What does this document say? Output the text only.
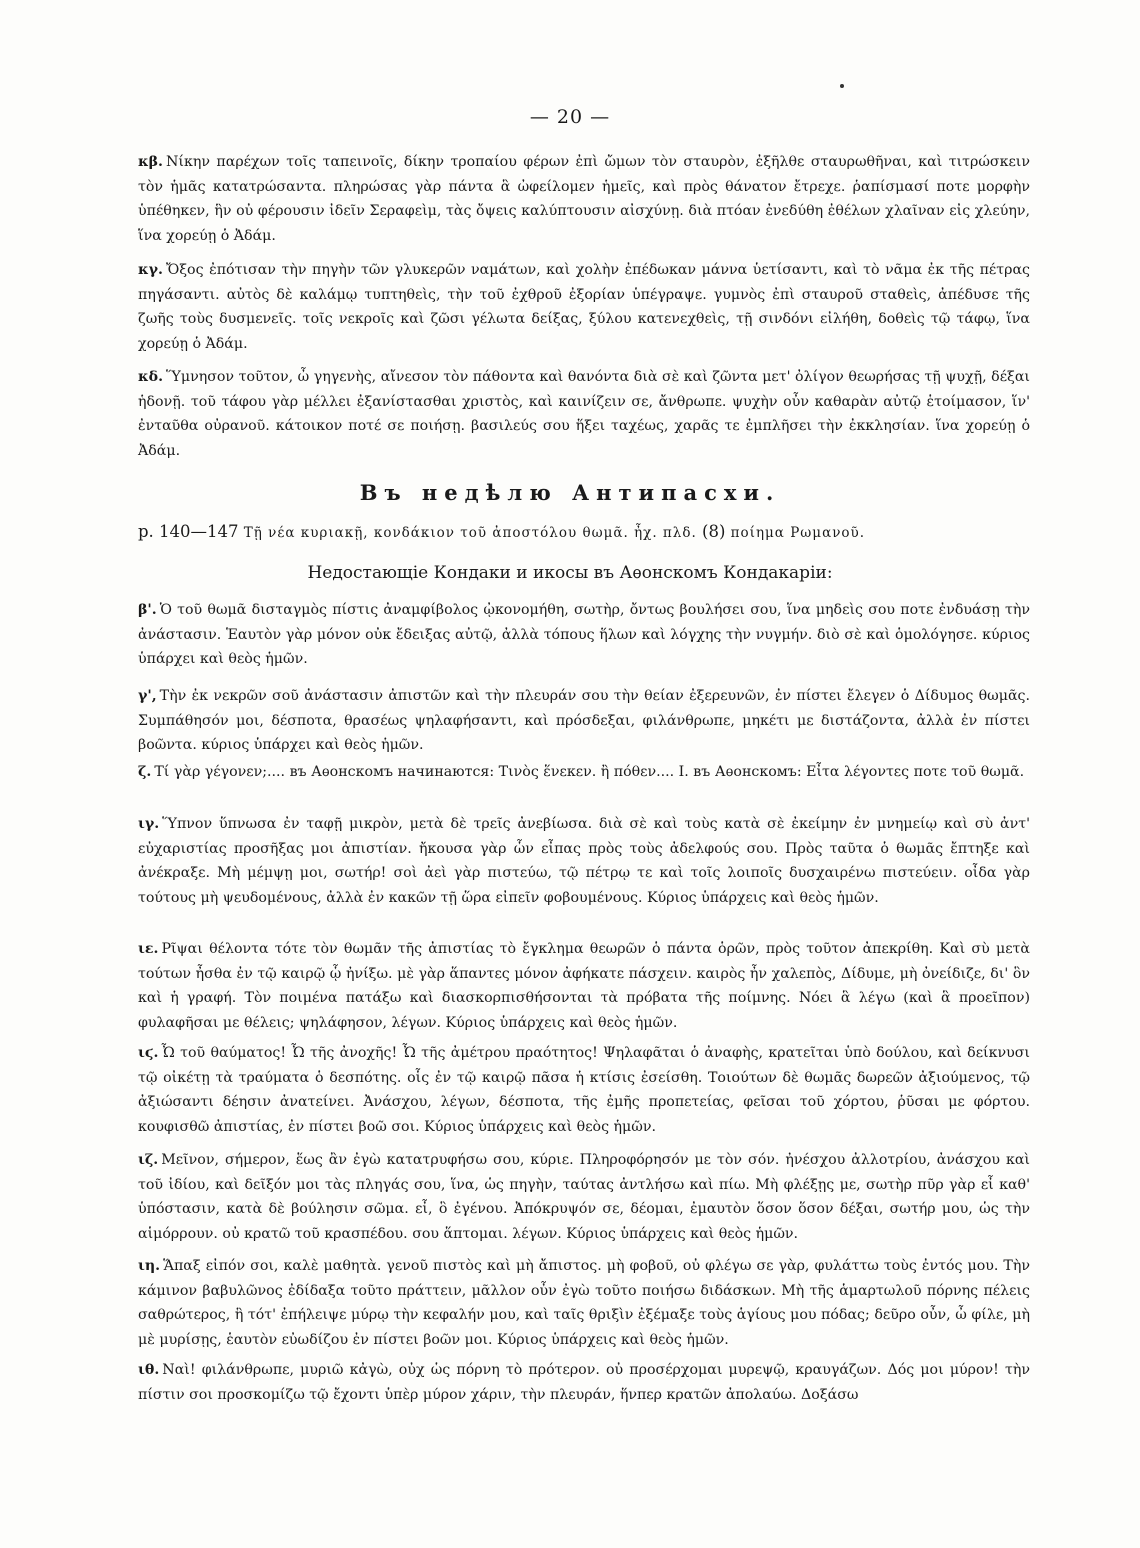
— 20 —

κβ. Νίκην παρέχων τοῖς ταπεινοῖς, δίκην τροπαίου φέρων ἐπὶ ὤμων τὸν σταυρὸν, ἐξῆλθε σταυρωθῆναι, καὶ τιτρώσκειν τὸν ἡμᾶς κατατρώσαντα. πληρώσας γὰρ πάντα ἃ ὠφείλομεν ἡμεῖς, καὶ πρὸς θάνατον ἔτρεχε. ῥαπίσμασί ποτε μορφὴν ὑπέθηκεν, ἣν οὐ φέρουσιν ἰδεῖν Σεραφεὶμ, τὰς ὄψεις καλύπτουσιν αἰσχύνῃ. διὰ πτόαν ἐνεδύθη ἐθέλων χλαῖναν εἰς χλεύην, ἵνα χορεύῃ ὁ Ἀδάμ.

κγ. Ὄξος ἐπότισαν τὴν πηγὴν τῶν γλυκερῶν ναμάτων, καὶ χολὴν ἐπέδωκαν μάννα ὑετίσαντι, καὶ τὸ νᾶμα ἐκ τῆς πέτρας πηγάσαντι. αὐτὸς δὲ καλάμῳ τυπτηθεὶς, τὴν τοῦ ἐχθροῦ ἐξορίαν ὑπέγραψε. γυμνὸς ἐπὶ σταυροῦ σταθεὶς, ἀπέδυσε τῆς ζωῆς τοὺς δυσμενεῖς. τοῖς νεκροῖς καὶ ζῶσι γέλωτα δείξας, ξύλου κατενεχθεὶς, τῇ σινδόνι εἰλήθη, δοθεὶς τῷ τάφῳ, ἵνα χορεύῃ ὁ Ἀδάμ.

κδ. Ὕμνησον τοῦτον, ὦ γηγενὴς, αἴνεσον τὸν πάθοντα καὶ θανόντα διὰ σὲ καὶ ζῶντα μετ' ὀλίγον θεωρήσας τῇ ψυχῇ, δέξαι ἡδονῇ. τοῦ τάφου γὰρ μέλλει ἐξανίστασθαι χριστὸς, καὶ καινίζειν σε, ἄνθρωπε. ψυχὴν οὖν καθαρὰν αὐτῷ ἑτοίμασον, ἵν' ἐνταῦθα οὐρανοῦ. κάτοικον ποτέ σε ποιήσῃ. βασιλεύς σου ἥξει ταχέως, χαρᾶς τε ἐμπλῆσει τὴν ἐκκλησίαν. ἵνα χορεύῃ ὁ Ἀδάμ.

Въ недѣлю Антипасхи.
р. 140—147 Τῇ νέα κυριακῇ, κονδάκιον τοῦ ἀποστόλου θωμᾶ. ἦχ. πλδ. (8) ποίημα Ρωμανοῦ.
Недостающіе Кондаки и икосы въ Аѳонскомъ Кондакаріи:

β'. Ὁ τοῦ θωμᾶ δισταγμὸς πίστις ἀναμφίβολος ᾠκονομήθη, σωτὴρ, ὄντως βουλήσει σου, ἵνα μηδεὶς σου ποτε ἐνδυάσῃ τὴν ἀνάστασιν. Ἑαυτὸν γὰρ μόνον οὐκ ἔδειξας αὐτῷ, ἀλλὰ τόπους ἥλων καὶ λόγχης τὴν νυγμήν. διὸ σὲ καὶ ὁμολόγησε. κύριος ὑπάρχει καὶ θεὸς ἡμῶν.

γ', Τὴν ἐκ νεκρῶν σοῦ ἀνάστασιν ἀπιστῶν καὶ τὴν πλευράν σου τὴν θείαν ἐξερευνῶν, ἐν πίστει ἔλεγεν ὁ Δίδυμος θωμᾶς. Συμπάθησόν μοι, δέσποτα, θρασέως ψηλαφήσαντι, καὶ πρόσδεξαι, φιλάνθρωπε, μηκέτι με διστάζοντα, ἀλλὰ ἐν πίστει βοῶντα. κύριος ὑπάρχει καὶ θεὸς ἡμῶν.

ζ. Τί γὰρ γέγονεν;.... въ Аѳонскомъ начинаются: Τινὸς ἕνεκεν. ἢ πόθεν.... Ι. въ Аѳонскомъ: Εἶτα λέγοντες ποτε τοῦ θωμᾶ.

ιγ. Ὕπνον ὕπνωσα ἐν ταφῇ μικρὸν, μετὰ δὲ τρεῖς ἀνεβίωσα. διὰ σὲ καὶ τοὺς κατὰ σὲ ἐκείμην ἐν μνημείῳ καὶ σὺ ἀντ' εὐχαριστίας προσῆξας μοι ἀπιστίαν. ἤκουσα γὰρ ὧν εἶπας πρὸς τοὺς ἀδελφούς σου. Πρὸς ταῦτα ὁ θωμᾶς ἔπτηξε καὶ ἀνέκραξε. Μὴ μέμψῃ μοι, σωτήρ! σοὶ ἀεὶ γὰρ πιστεύω, τῷ πέτρῳ τε καὶ τοῖς λοιποῖς δυσχαιρένω πιστεύειν. οἶδα γὰρ τούτους μὴ ψευδομένους, ἀλλὰ ἐν κακῶν τῇ ὥρα εἰπεῖν φοβουμένους. Κύριος ὑπάρχεις καὶ θεὸς ἡμῶν.

ιε. Ρῖψαι θέλοντα τότε τὸν θωμᾶν τῆς ἀπιστίας τὸ ἔγκλημα θεωρῶν ὁ πάντα ὁρῶν, πρὸς τοῦτον ἀπεκρίθη. Καὶ σὺ μετὰ τούτων ἦσθα ἐν τῷ καιρῷ ᾧ ἠνίξω. μὲ γὰρ ἅπαντες μόνον ἀφήκατε πάσχειν. καιρὸς ἦν χαλεπὸς, Δίδυμε, μὴ ὀνείδιζε, δι' ὃν καὶ ἡ γραφή. Τὸν ποιμένα πατάξω καὶ διασκορπισθήσονται τὰ πρόβατα τῆς ποίμνης. Νόει ἃ λέγω (καὶ ἃ προεῖπον) φυλαφῆσαι με θέλεις; ψηλάφησον, λέγων. Κύριος ὑπάρχεις καὶ θεὸς ἡμῶν.

ιϛ. Ὦ τοῦ θαύματος! Ὦ τῆς ἀνοχῆς! Ὦ τῆς ἀμέτρου πραότητος! Ψηλαφᾶται ὁ ἀναφὴς, κρατεῖται ὑπὸ δούλου, καὶ δείκνυσι τῷ οἰκέτῃ τὰ τραύματα ὁ δεσπότης. οἷς ἐν τῷ καιρῷ πᾶσα ἡ κτίσις ἐσείσθη. Τοιούτων δὲ θωμᾶς δωρεῶν ἀξιούμενος, τῷ ἀξιώσαντι δέησιν ἀνατείνει. Ἀνάσχου, λέγων, δέσποτα, τῆς ἐμῆς προπετείας, φεῖσαι τοῦ χόρτου, ῥῦσαι με φόρτου. κουφισθῶ ἀπιστίας, ἐν πίστει βοῶ σοι. Κύριος ὑπάρχεις καὶ θεὸς ἡμῶν.

ιζ. Μεῖνον, σήμερον, ἕως ἂν ἐγὼ κατατρυφήσω σου, κύριε. Πληροφόρησόν με τὸν σόν. ἠνέσχου ἀλλοτρίου, ἀνάσχου καὶ τοῦ ἰδίου, καὶ δεῖξόν μοι τὰς πληγάς σου, ἵνα, ὡς πηγὴν, ταύτας ἀντλήσω καὶ πίω. Μὴ φλέξῃς με, σωτὴρ πῦρ γὰρ εἶ καθ' ὑπόστασιν, κατὰ δὲ βούλησιν σῶμα. εἶ, ὃ ἐγένου. Ἀπόκρυψόν σε, δέομαι, ἐμαυτὸν ὅσον ὅσον δέξαι, σωτήρ μου, ὡς τὴν αἱμόρρουν. οὐ κρατῶ τοῦ κρασπέδου. σου ἅπτομαι. λέγων. Κύριος ὑπάρχεις καὶ θεὸς ἡμῶν.

ιη. Ἅπαξ εἰπόν σοι, καλὲ μαθητὰ. γενοῦ πιστὸς καὶ μὴ ἄπιστος. μὴ φοβοῦ, οὐ φλέγω σε γὰρ, φυλάττω τοὺς ἐντός μου. Τὴν κάμινον βαβυλῶνος ἐδίδαξα τοῦτο πράττειν, μᾶλλον οὖν ἐγὼ τοῦτο ποιήσω διδάσκων. Μὴ τῆς ἁμαρτωλοῦ πόρνης πέλεις σαθρώτερος, ἣ τότ' ἐπήλειψε μύρῳ τὴν κεφαλήν μου, καὶ ταῖς θριξὶν ἐξέμαξε τοὺς ἁγίους μου πόδας; δεῦρο οὖν, ὦ φίλε, μὴ μὲ μυρίσῃς, ἑαυτὸν εὐωδίζου ἐν πίστει βοῶν μοι. Κύριος ὑπάρχεις καὶ θεὸς ἡμῶν.

ιθ. Ναὶ! φιλάνθρωπε, μυριῶ κἀγὼ, οὐχ ὡς πόρνη τὸ πρότερον. οὐ προσέρχομαι μυρεψῷ, κραυγάζων. Δός μοι μύρον! τὴν πίστιν σοι προσκομίζω τῷ ἔχοντι ὑπὲρ μύρον χάριν, τὴν πλευράν, ἥνπερ κρατῶν ἀπολαύω. Δοξάσω
